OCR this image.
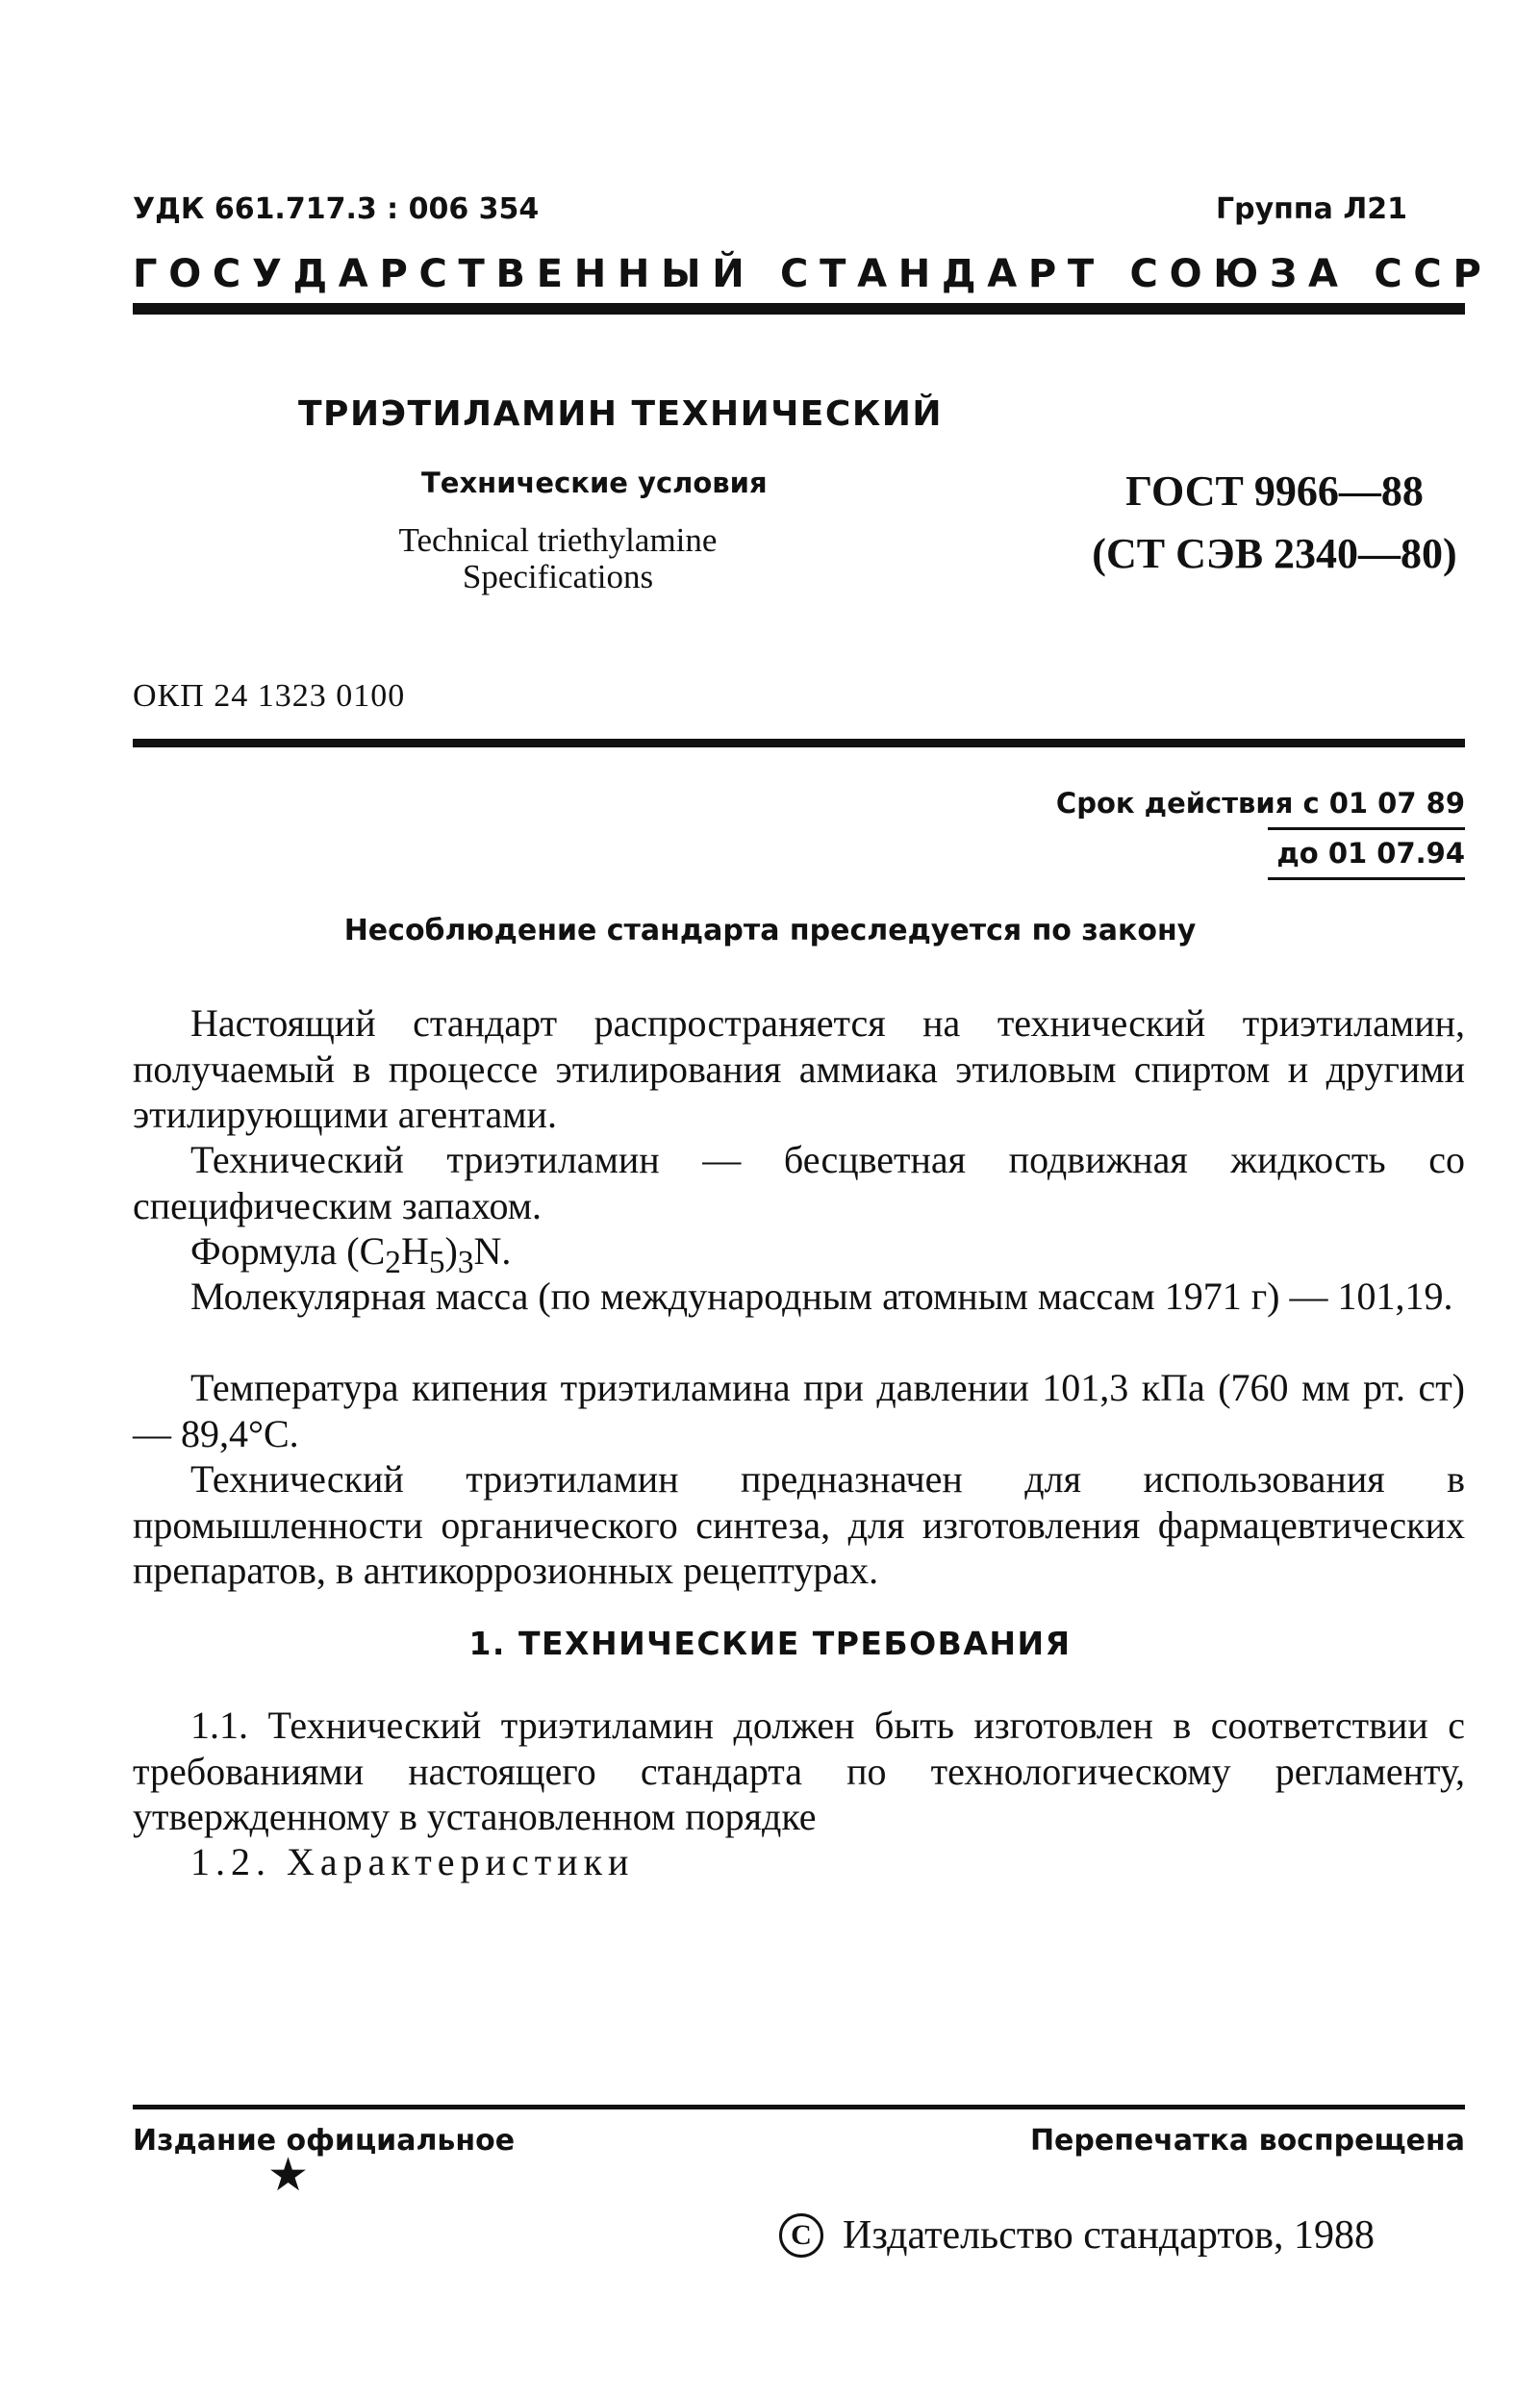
УДК 661.717.3 : 006 354	Группа Л21
ГОСУДАРСТВЕННЫЙ СТАНДАРТ СОЮЗА ССР
ТРИЭТИЛАМИН ТЕХНИЧЕСКИЙ
Технические условия
Technical triethylamine
Specifications
ГОСТ 9966—88
(СТ СЭВ 2340—80)
ОКП 24 1323 0100
Срок действия с 01 07 89
до 01 07.94
Несоблюдение стандарта преследуется по закону

Настоящий стандарт распространяется на технический триэтиламин, получаемый в процессе этилирования аммиака этиловым спиртом и другими этилирующими агентами.

Технический триэтиламин — бесцветная подвижная жидкость со специфическим запахом.

Формула $(C_2H_5)_3N$.

Молекулярная масса (по международным атомным массам 1971 г) — 101,19.

Температура кипения триэтиламина при давлении 101,3 кПа (760 мм рт. ст) — 89,4°С.

Технический триэтиламин предназначен для использования в промышленности органического синтеза, для изготовления фармацевтических препаратов, в антикоррозионных рецептурах.

1. ТЕХНИЧЕСКИЕ ТРЕБОВАНИЯ

1.1. Технический триэтиламин должен быть изготовлен в соответствии с требованиями настоящего стандарта по технологическому регламенту, утвержденному в установленном порядке

1.2. Характеристики

Издание официальное	Перепечатка воспрещена
★
C Издательство стандартов, 1988
